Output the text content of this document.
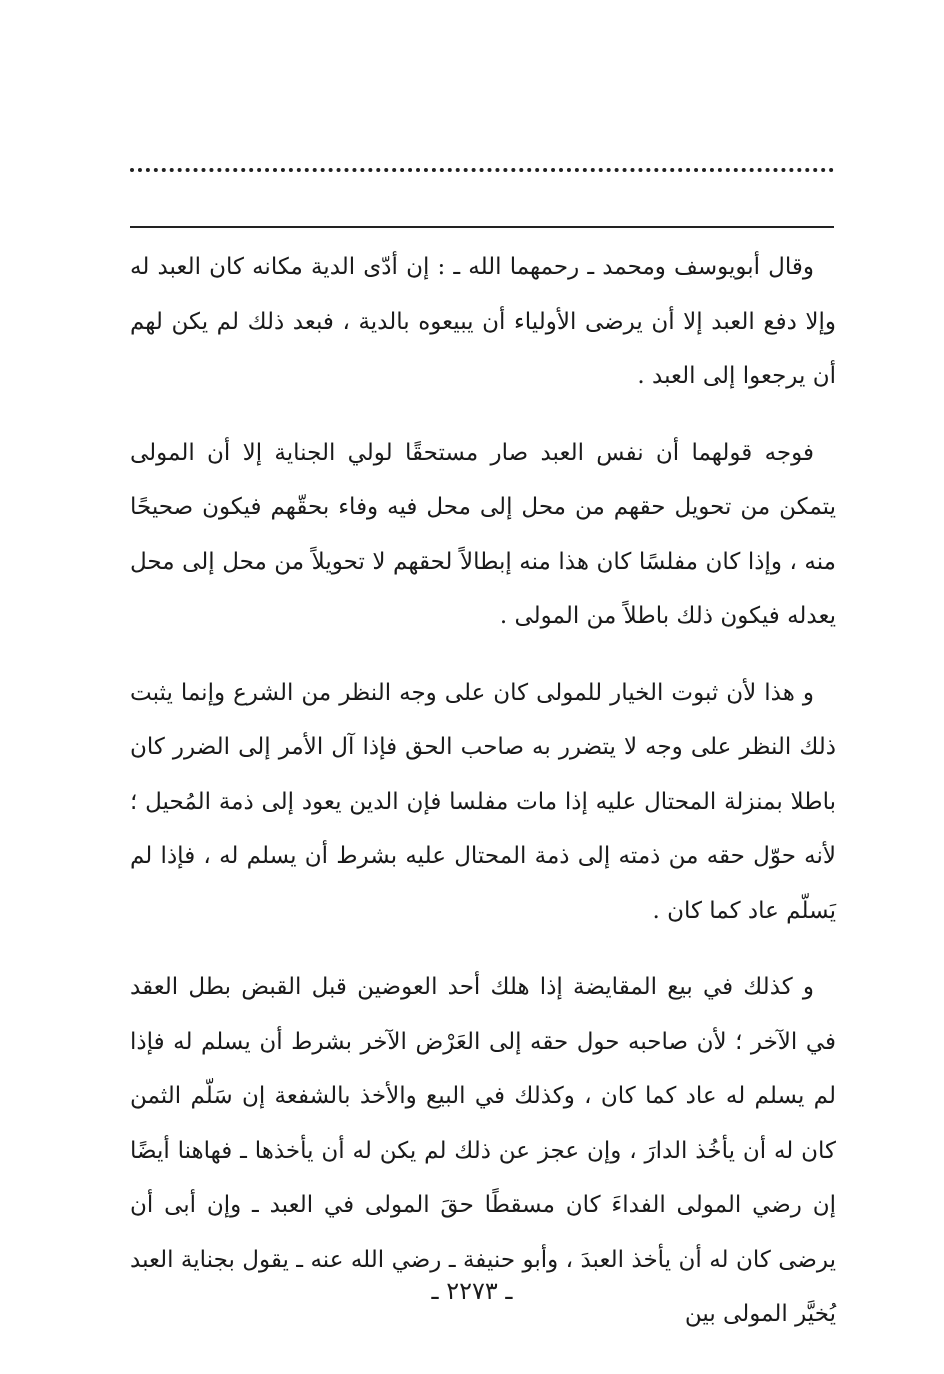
وقال أبويوسف ومحمد ـ رحمهما الله ـ : إن أدّى الدية مكانه كان العبد له وإلا دفع العبد إلا أن يرضى الأولياء أن يبيعوه بالدية ، فبعد ذلك لم يكن لهم أن يرجعوا إلى العبد .

فوجه قولهما أن نفس العبد صار مستحقًا لولي الجناية إلا أن المولى يتمكن من تحويل حقهم من محل إلى محل فيه وفاء بحقّهم فيكون صحيحًا منه ، وإذا كان مفلسًا كان هذا منه إبطالاً لحقهم لا تحويلاً من محل إلى محل يعدله فيكون ذلك باطلاً من المولى .

و هذا لأن ثبوت الخيار للمولى كان على وجه النظر من الشرع وإنما يثبت ذلك النظر على وجه لا يتضرر به صاحب الحق فإذا آل الأمر إلى الضرر كان باطلا بمنزلة المحتال عليه إذا مات مفلسا فإن الدين يعود إلى ذمة المُحيل ؛ لأنه حوّل حقه من ذمته إلى ذمة المحتال عليه بشرط أن يسلم له ، فإذا لم يَسلّم عاد كما كان .

و كذلك في بيع المقايضة إذا هلك أحد العوضين قبل القبض بطل العقد في الآخر ؛ لأن صاحبه حول حقه إلى العَرْض الآخر بشرط أن يسلم له فإذا لم يسلم له عاد كما كان ، وكذلك في البيع والأخذ بالشفعة إن سَلّم الثمن كان له أن يأخُذ الدارَ ، وإن عجز عن ذلك لم يكن له أن يأخذها ـ فهاهنا أيضًا إن رضي المولى الفداءَ كان مسقطًا حقَ المولى في العبد ـ وإن أبى أن يرضى كان له أن يأخذ العبدَ ، وأبو حنيفة ـ رضي الله عنه ـ يقول بجناية العبد يُخيَّر المولى بين

ـ ٢٢٧٣ ـ
